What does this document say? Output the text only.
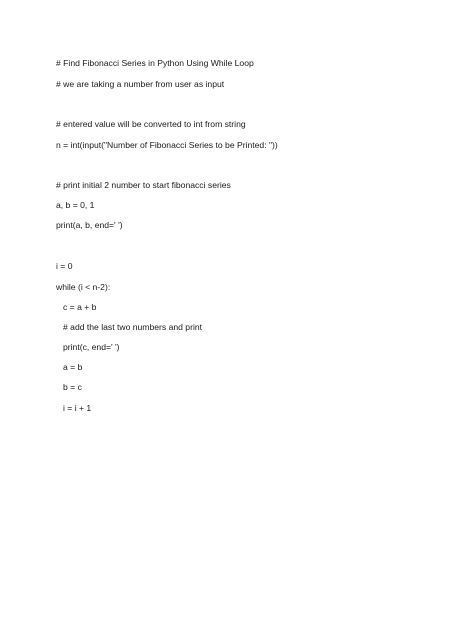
# Find Fibonacci Series in Python Using While Loop
# we are taking a number from user as input
# entered value will be converted to int from string
n = int(input("Number of Fibonacci Series to be Printed: "))
# print initial 2 number to start fibonacci series
a, b = 0, 1
print(a, b, end=' ')
i = 0
while (i < n-2):
c = a + b
# add the last two numbers and print
print(c, end=' ')
a = b
b = c
i = i + 1
